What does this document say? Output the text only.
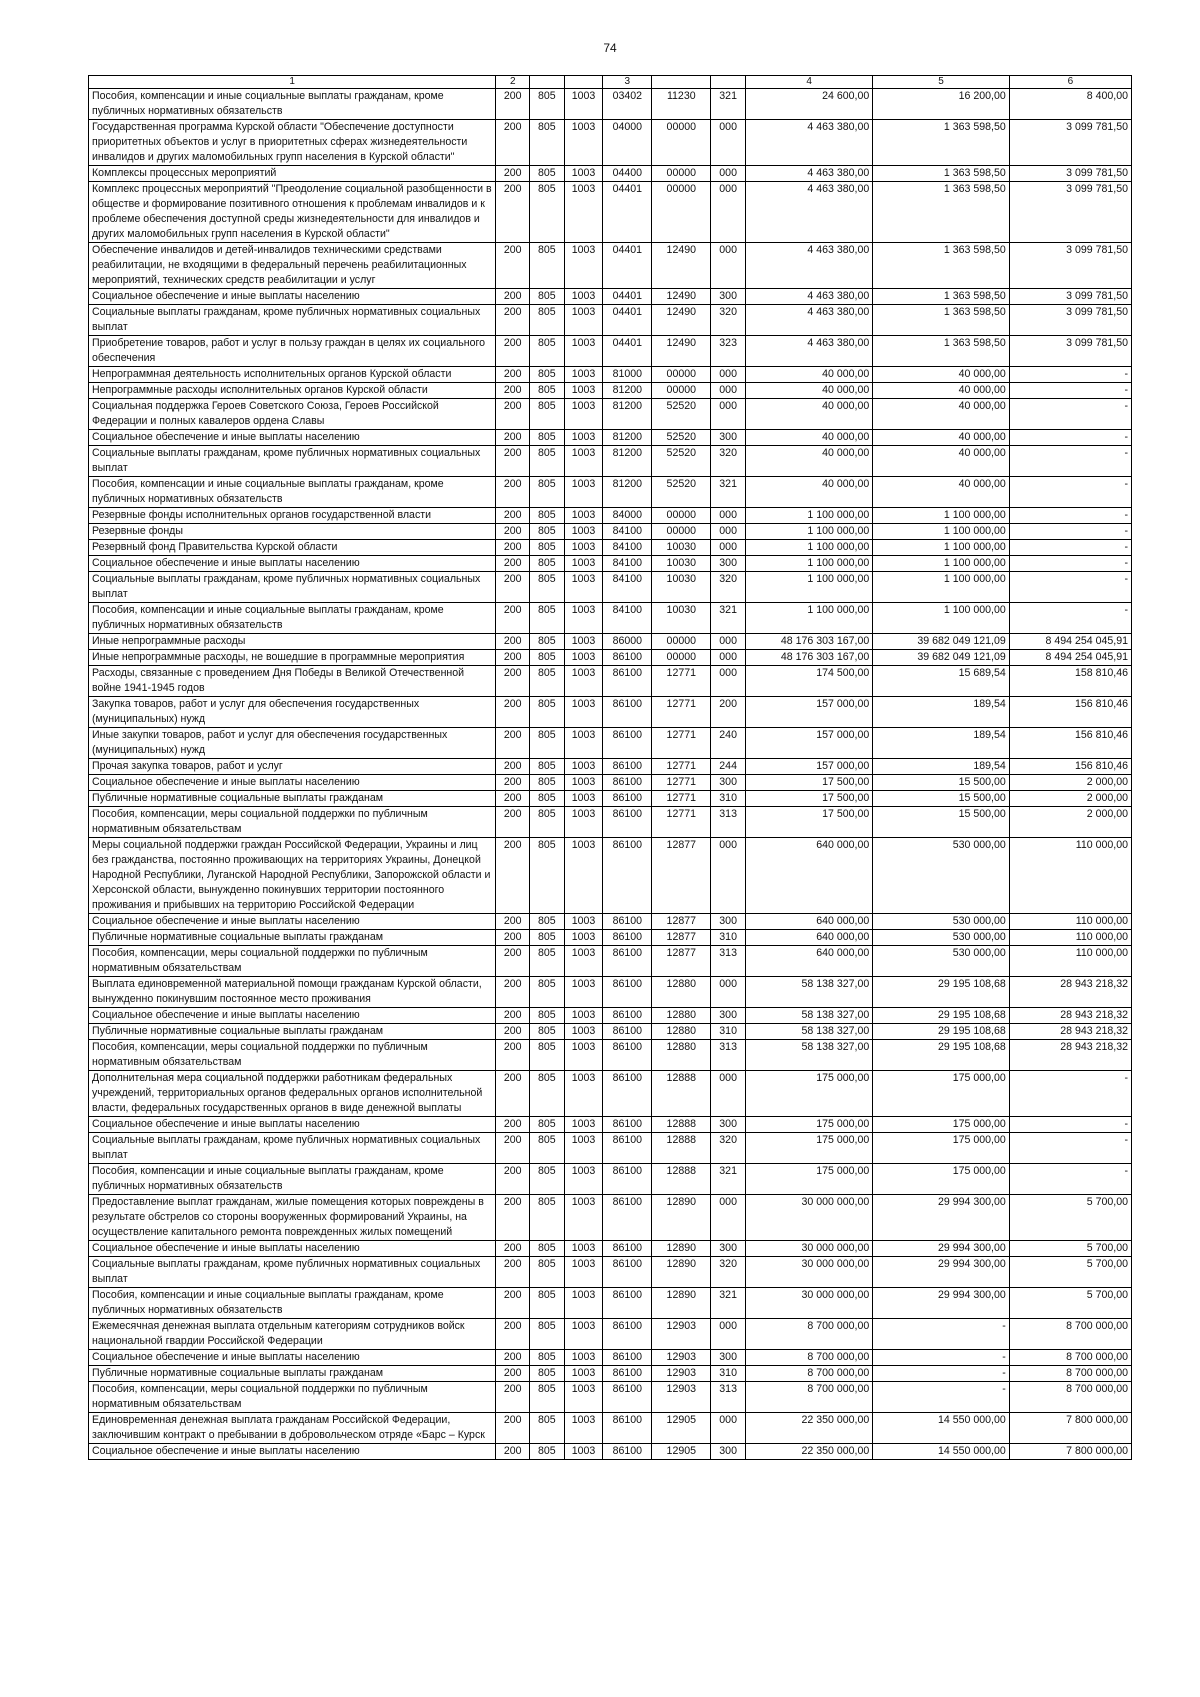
74
1	2			3			4	5	6
Пособия, компенсации и иные социальные выплаты гражданам, кроме публичных нормативных обязательств	200	805	1003	03402	11230	321	24 600,00	16 200,00	8 400,00
Государственная программа Курской области "Обеспечение доступности приоритетных объектов и услуг в приоритетных сферах жизнедеятельности инвалидов и других маломобильных групп населения в Курской области"	200	805	1003	04000	00000	000	4 463 380,00	1 363 598,50	3 099 781,50
Комплексы процессных мероприятий	200	805	1003	04400	00000	000	4 463 380,00	1 363 598,50	3 099 781,50
Комплекс процессных мероприятий "Преодоление социальной разобщенности в обществе и формирование позитивного отношения к проблемам инвалидов и к проблеме обеспечения доступной среды жизнедеятельности для инвалидов и других маломобильных групп населения в Курской области"	200	805	1003	04401	00000	000	4 463 380,00	1 363 598,50	3 099 781,50
Обеспечение инвалидов и детей-инвалидов техническими средствами реабилитации, не входящими в федеральный перечень реабилитационных мероприятий, технических средств реабилитации и услуг	200	805	1003	04401	12490	000	4 463 380,00	1 363 598,50	3 099 781,50
Социальное обеспечение и иные выплаты населению	200	805	1003	04401	12490	300	4 463 380,00	1 363 598,50	3 099 781,50
Социальные выплаты гражданам, кроме публичных нормативных социальных выплат	200	805	1003	04401	12490	320	4 463 380,00	1 363 598,50	3 099 781,50
Приобретение товаров, работ и услуг в пользу граждан в целях их социального обеспечения	200	805	1003	04401	12490	323	4 463 380,00	1 363 598,50	3 099 781,50
Непрограммная деятельность исполнительных органов Курской области	200	805	1003	81000	00000	000	40 000,00	40 000,00	-
Непрограммные расходы исполнительных органов Курской области	200	805	1003	81200	00000	000	40 000,00	40 000,00	-
Социальная поддержка Героев Советского Союза, Героев Российской Федерации и полных кавалеров ордена Славы	200	805	1003	81200	52520	000	40 000,00	40 000,00	-
Социальное обеспечение и иные выплаты населению	200	805	1003	81200	52520	300	40 000,00	40 000,00	-
Социальные выплаты гражданам, кроме публичных нормативных социальных выплат	200	805	1003	81200	52520	320	40 000,00	40 000,00	-
Пособия, компенсации и иные социальные выплаты гражданам, кроме публичных нормативных обязательств	200	805	1003	81200	52520	321	40 000,00	40 000,00	-
Резервные фонды исполнительных органов государственной власти	200	805	1003	84000	00000	000	1 100 000,00	1 100 000,00	-
Резервные фонды	200	805	1003	84100	00000	000	1 100 000,00	1 100 000,00	-
Резервный фонд Правительства Курской области	200	805	1003	84100	10030	000	1 100 000,00	1 100 000,00	-
Социальное обеспечение и иные выплаты населению	200	805	1003	84100	10030	300	1 100 000,00	1 100 000,00	-
Социальные выплаты гражданам, кроме публичных нормативных социальных выплат	200	805	1003	84100	10030	320	1 100 000,00	1 100 000,00	-
Пособия, компенсации и иные социальные выплаты гражданам, кроме публичных нормативных обязательств	200	805	1003	84100	10030	321	1 100 000,00	1 100 000,00	-
Иные непрограммные расходы	200	805	1003	86000	00000	000	48 176 303 167,00	39 682 049 121,09	8 494 254 045,91
Иные непрограммные расходы, не вошедшие в программные мероприятия	200	805	1003	86100	00000	000	48 176 303 167,00	39 682 049 121,09	8 494 254 045,91
Расходы, связанные с проведением Дня Победы в Великой Отечественной войне 1941-1945 годов	200	805	1003	86100	12771	000	174 500,00	15 689,54	158 810,46
Закупка товаров, работ и услуг для обеспечения государственных (муниципальных) нужд	200	805	1003	86100	12771	200	157 000,00	189,54	156 810,46
Иные закупки товаров, работ и услуг для обеспечения государственных (муниципальных) нужд	200	805	1003	86100	12771	240	157 000,00	189,54	156 810,46
Прочая закупка товаров, работ и услуг	200	805	1003	86100	12771	244	157 000,00	189,54	156 810,46
Социальное обеспечение и иные выплаты населению	200	805	1003	86100	12771	300	17 500,00	15 500,00	2 000,00
Публичные нормативные социальные выплаты гражданам	200	805	1003	86100	12771	310	17 500,00	15 500,00	2 000,00
Пособия, компенсации, меры социальной поддержки по публичным нормативным обязательствам	200	805	1003	86100	12771	313	17 500,00	15 500,00	2 000,00
Меры социальной поддержки граждан Российской Федерации, Украины и лиц без гражданства, постоянно проживающих на территориях Украины, Донецкой Народной Республики, Луганской Народной Республики, Запорожской области и Херсонской области, вынужденно покинувших территории постоянного проживания и прибывших на территорию Российской Федерации	200	805	1003	86100	12877	000	640 000,00	530 000,00	110 000,00
Социальное обеспечение и иные выплаты населению	200	805	1003	86100	12877	300	640 000,00	530 000,00	110 000,00
Публичные нормативные социальные выплаты гражданам	200	805	1003	86100	12877	310	640 000,00	530 000,00	110 000,00
Пособия, компенсации, меры социальной поддержки по публичным нормативным обязательствам	200	805	1003	86100	12877	313	640 000,00	530 000,00	110 000,00
Выплата единовременной материальной помощи гражданам Курской области, вынужденно покинувшим постоянное место проживания	200	805	1003	86100	12880	000	58 138 327,00	29 195 108,68	28 943 218,32
Социальное обеспечение и иные выплаты населению	200	805	1003	86100	12880	300	58 138 327,00	29 195 108,68	28 943 218,32
Публичные нормативные социальные выплаты гражданам	200	805	1003	86100	12880	310	58 138 327,00	29 195 108,68	28 943 218,32
Пособия, компенсации, меры социальной поддержки по публичным нормативным обязательствам	200	805	1003	86100	12880	313	58 138 327,00	29 195 108,68	28 943 218,32
Дополнительная мера социальной поддержки работникам федеральных учреждений, территориальных органов федеральных органов исполнительной власти, федеральных государственных органов в виде денежной выплаты	200	805	1003	86100	12888	000	175 000,00	175 000,00	-
Социальное обеспечение и иные выплаты населению	200	805	1003	86100	12888	300	175 000,00	175 000,00	-
Социальные выплаты гражданам, кроме публичных нормативных социальных выплат	200	805	1003	86100	12888	320	175 000,00	175 000,00	-
Пособия, компенсации и иные социальные выплаты гражданам, кроме публичных нормативных обязательств	200	805	1003	86100	12888	321	175 000,00	175 000,00	-
Предоставление выплат гражданам, жилые помещения которых повреждены в результате обстрелов со стороны вооруженных формирований Украины, на осуществление капитального ремонта поврежденных жилых помещений	200	805	1003	86100	12890	000	30 000 000,00	29 994 300,00	5 700,00
Социальное обеспечение и иные выплаты населению	200	805	1003	86100	12890	300	30 000 000,00	29 994 300,00	5 700,00
Социальные выплаты гражданам, кроме публичных нормативных социальных выплат	200	805	1003	86100	12890	320	30 000 000,00	29 994 300,00	5 700,00
Пособия, компенсации и иные социальные выплаты гражданам, кроме публичных нормативных обязательств	200	805	1003	86100	12890	321	30 000 000,00	29 994 300,00	5 700,00
Ежемесячная денежная выплата отдельным категориям сотрудников войск национальной гвардии Российской Федерации	200	805	1003	86100	12903	000	8 700 000,00	-	8 700 000,00
Социальное обеспечение и иные выплаты населению	200	805	1003	86100	12903	300	8 700 000,00	-	8 700 000,00
Публичные нормативные социальные выплаты гражданам	200	805	1003	86100	12903	310	8 700 000,00	-	8 700 000,00
Пособия, компенсации, меры социальной поддержки по публичным нормативным обязательствам	200	805	1003	86100	12903	313	8 700 000,00	-	8 700 000,00
Единовременная денежная выплата гражданам Российской Федерации, заключившим контракт о пребывании в добровольческом отряде «Барс – Курск	200	805	1003	86100	12905	000	22 350 000,00	14 550 000,00	7 800 000,00
Социальное обеспечение и иные выплаты населению	200	805	1003	86100	12905	300	22 350 000,00	14 550 000,00	7 800 000,00
